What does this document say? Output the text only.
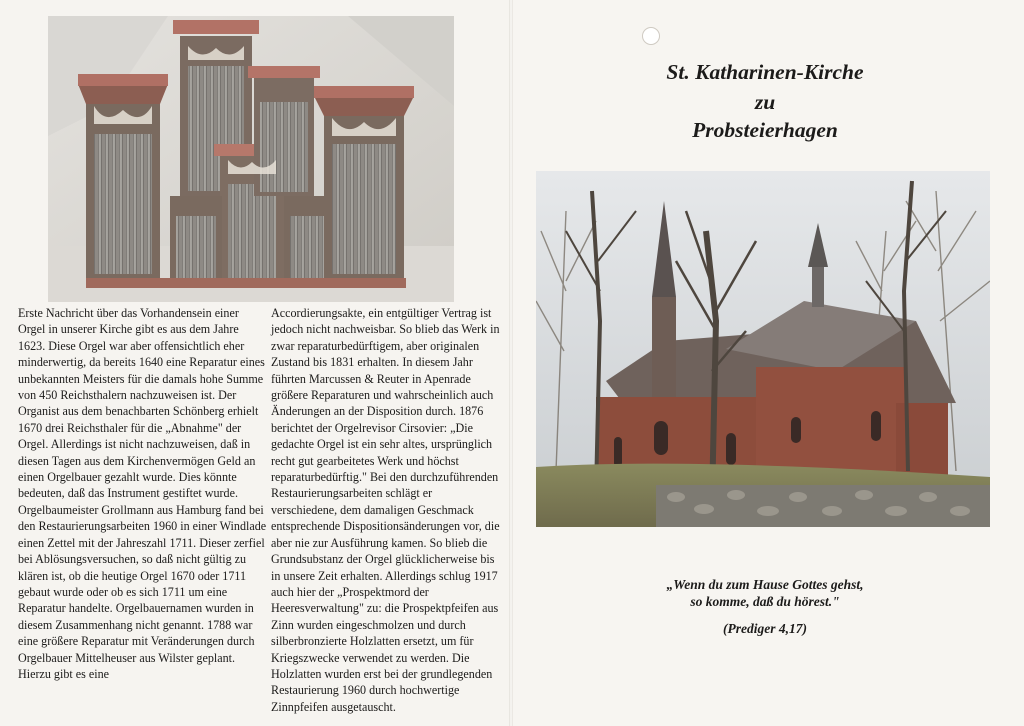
Erste Nachricht über das Vorhandensein einer Orgel in unserer Kirche gibt es aus dem Jahre 1623. Diese Orgel war aber offensichtlich eher minderwertig, da bereits 1640 eine Reparatur eines unbekannten Meisters für die damals hohe Summe von 450 Reichsthalern nachzuweisen ist. Der Organist aus dem benachbarten Schönberg erhielt 1670 drei Reichsthaler für die „Abnahme" der Orgel. Allerdings ist nicht nachzuweisen, daß in diesen Tagen aus dem Kirchenvermögen Geld an einen Orgelbauer gezahlt wurde. Dies könnte bedeuten, daß das Instrument gestiftet wurde. Orgelbaumeister Grollmann aus Hamburg fand bei den Restaurierungsarbeiten 1960 in einer Windlade einen Zettel mit der Jahreszahl 1711. Dieser zerfiel bei Ablösungsversuchen, so daß nicht gültig zu klären ist, ob die heutige Orgel 1670 oder 1711 gebaut wurde oder ob es sich 1711 um eine Reparatur handelte. Orgelbauernamen wurden in diesem Zusammenhang nicht genannt. 1788 war eine größere Reparatur mit Veränderungen durch Orgelbauer Mittelheuser aus Wilster geplant. Hierzu gibt es eine
Accordierungsakte, ein entgültiger Vertrag ist jedoch nicht nachweisbar. So blieb das Werk in zwar reparaturbedürftigem, aber originalen Zustand bis 1831 erhalten. In diesem Jahr führten Marcussen & Reuter in Apenrade größere Reparaturen und wahrscheinlich auch Änderungen an der Disposition durch. 1876 berichtet der Orgelrevisor Cirsovier: „Die gedachte Orgel ist ein sehr altes, ursprünglich recht gut gearbeitetes Werk und höchst reparaturbedürftig." Bei den durchzuführenden Restaurierungsarbeiten schlägt er verschiedene, dem damaligen Geschmack entsprechende Dispositionsänderungen vor, die aber nie zur Ausführung kamen. So blieb die Grundsubstanz der Orgel glücklicherweise bis in unsere Zeit erhalten. Allerdings schlug 1917 auch hier der „Prospektmord der Heeresverwaltung" zu: die Prospektpfeifen aus Zinn wurden eingeschmolzen und durch silberbronzierte Holzlatten ersetzt, um für Kriegszwecke verwendet zu werden. Die Holzlatten wurden erst bei der grundlegenden Restaurierung 1960 durch hochwertige Zinnpfeifen ausgetauscht.
St. Katharinen-Kirche
zu
Probsteierhagen
„Wenn du zum Hause Gottes gehst,
so komme, daß du hörest."
(Prediger 4,17)
